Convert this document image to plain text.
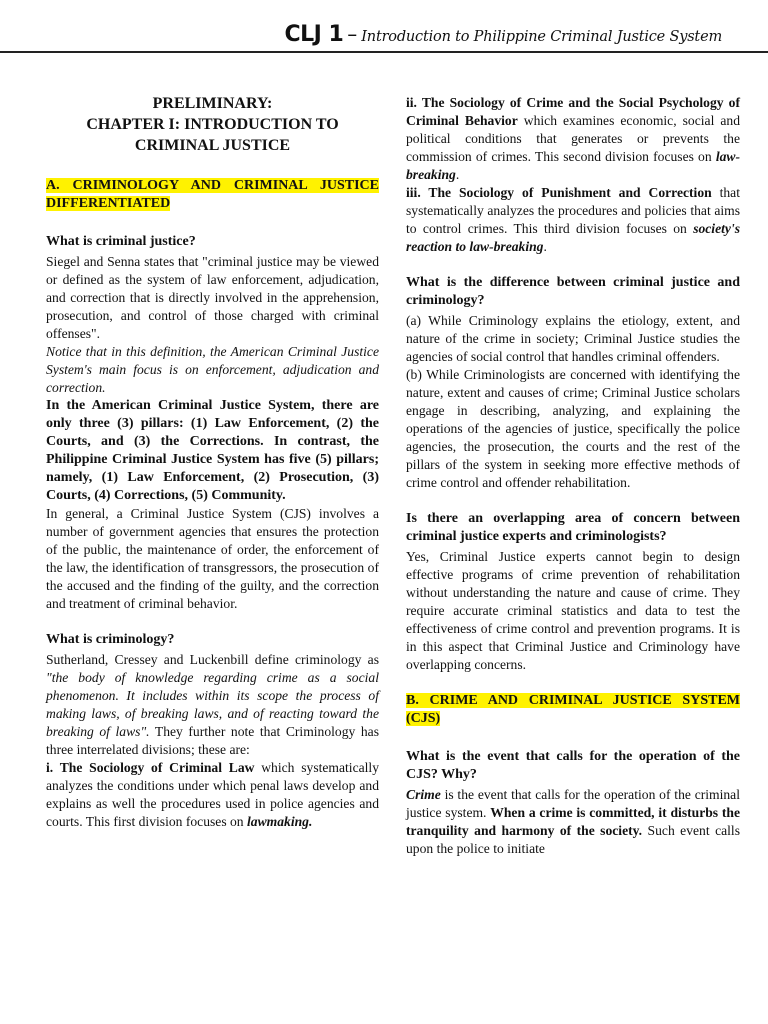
CLJ 1 – Introduction to Philippine Criminal Justice System
PRELIMINARY:
CHAPTER I: INTRODUCTION TO
CRIMINAL JUSTICE

A. CRIMINOLOGY AND CRIMINAL JUSTICE DIFFERENTIATED

What is criminal justice?

Siegel and Senna states that "criminal justice may be viewed or defined as the system of law enforcement, adjudication, and correction that is directly involved in the apprehension, prosecution, and control of those charged with criminal offenses".

Notice that in this definition, the American Criminal Justice System's main focus is on enforcement, adjudication and correction.

In the American Criminal Justice System, there are only three (3) pillars: (1) Law Enforcement, (2) the Courts, and (3) the Corrections. In contrast, the Philippine Criminal Justice System has five (5) pillars; namely, (1) Law Enforcement, (2) Prosecution, (3) Courts, (4) Corrections, (5) Community.

In general, a Criminal Justice System (CJS) involves a number of government agencies that ensures the protection of the public, the maintenance of order, the enforcement of the law, the identification of transgressors, the prosecution of the accused and the finding of the guilty, and the correction and treatment of criminal behavior.

What is criminology?

Sutherland, Cressey and Luckenbill define criminology as "the body of knowledge regarding crime as a social phenomenon. It includes within its scope the process of making laws, of breaking laws, and of reacting toward the breaking of laws". They further note that Criminology has three interrelated divisions; these are:

i. The Sociology of Criminal Law which systematically analyzes the conditions under which penal laws develop and explains as well the procedures used in police agencies and courts. This first division focuses on lawmaking.

ii. The Sociology of Crime and the Social Psychology of Criminal Behavior which examines economic, social and political conditions that generates or prevents the commission of crimes. This second division focuses on law-breaking.

iii. The Sociology of Punishment and Correction that systematically analyzes the procedures and policies that aims to control crimes. This third division focuses on society's reaction to law-breaking.

What is the difference between criminal justice and criminology?

(a) While Criminology explains the etiology, extent, and nature of the crime in society; Criminal Justice studies the agencies of social control that handles criminal offenders.

(b) While Criminologists are concerned with identifying the nature, extent and causes of crime; Criminal Justice scholars engage in describing, analyzing, and explaining the operations of the agencies of justice, specifically the police agencies, the prosecution, the courts and the rest of the pillars of the system in seeking more effective methods of crime control and offender rehabilitation.

Is there an overlapping area of concern between criminal justice experts and criminologists?

Yes, Criminal Justice experts cannot begin to design effective programs of crime prevention of rehabilitation without understanding the nature and cause of crime. They require accurate criminal statistics and data to test the effectiveness of crime control and prevention programs. It is in this aspect that Criminal Justice and Criminology have overlapping concerns.

B. CRIME AND CRIMINAL JUSTICE SYSTEM (CJS)

What is the event that calls for the operation of the CJS? Why?

Crime is the event that calls for the operation of the criminal justice system. When a crime is committed, it disturbs the tranquility and harmony of the society. Such event calls upon the police to initiate
